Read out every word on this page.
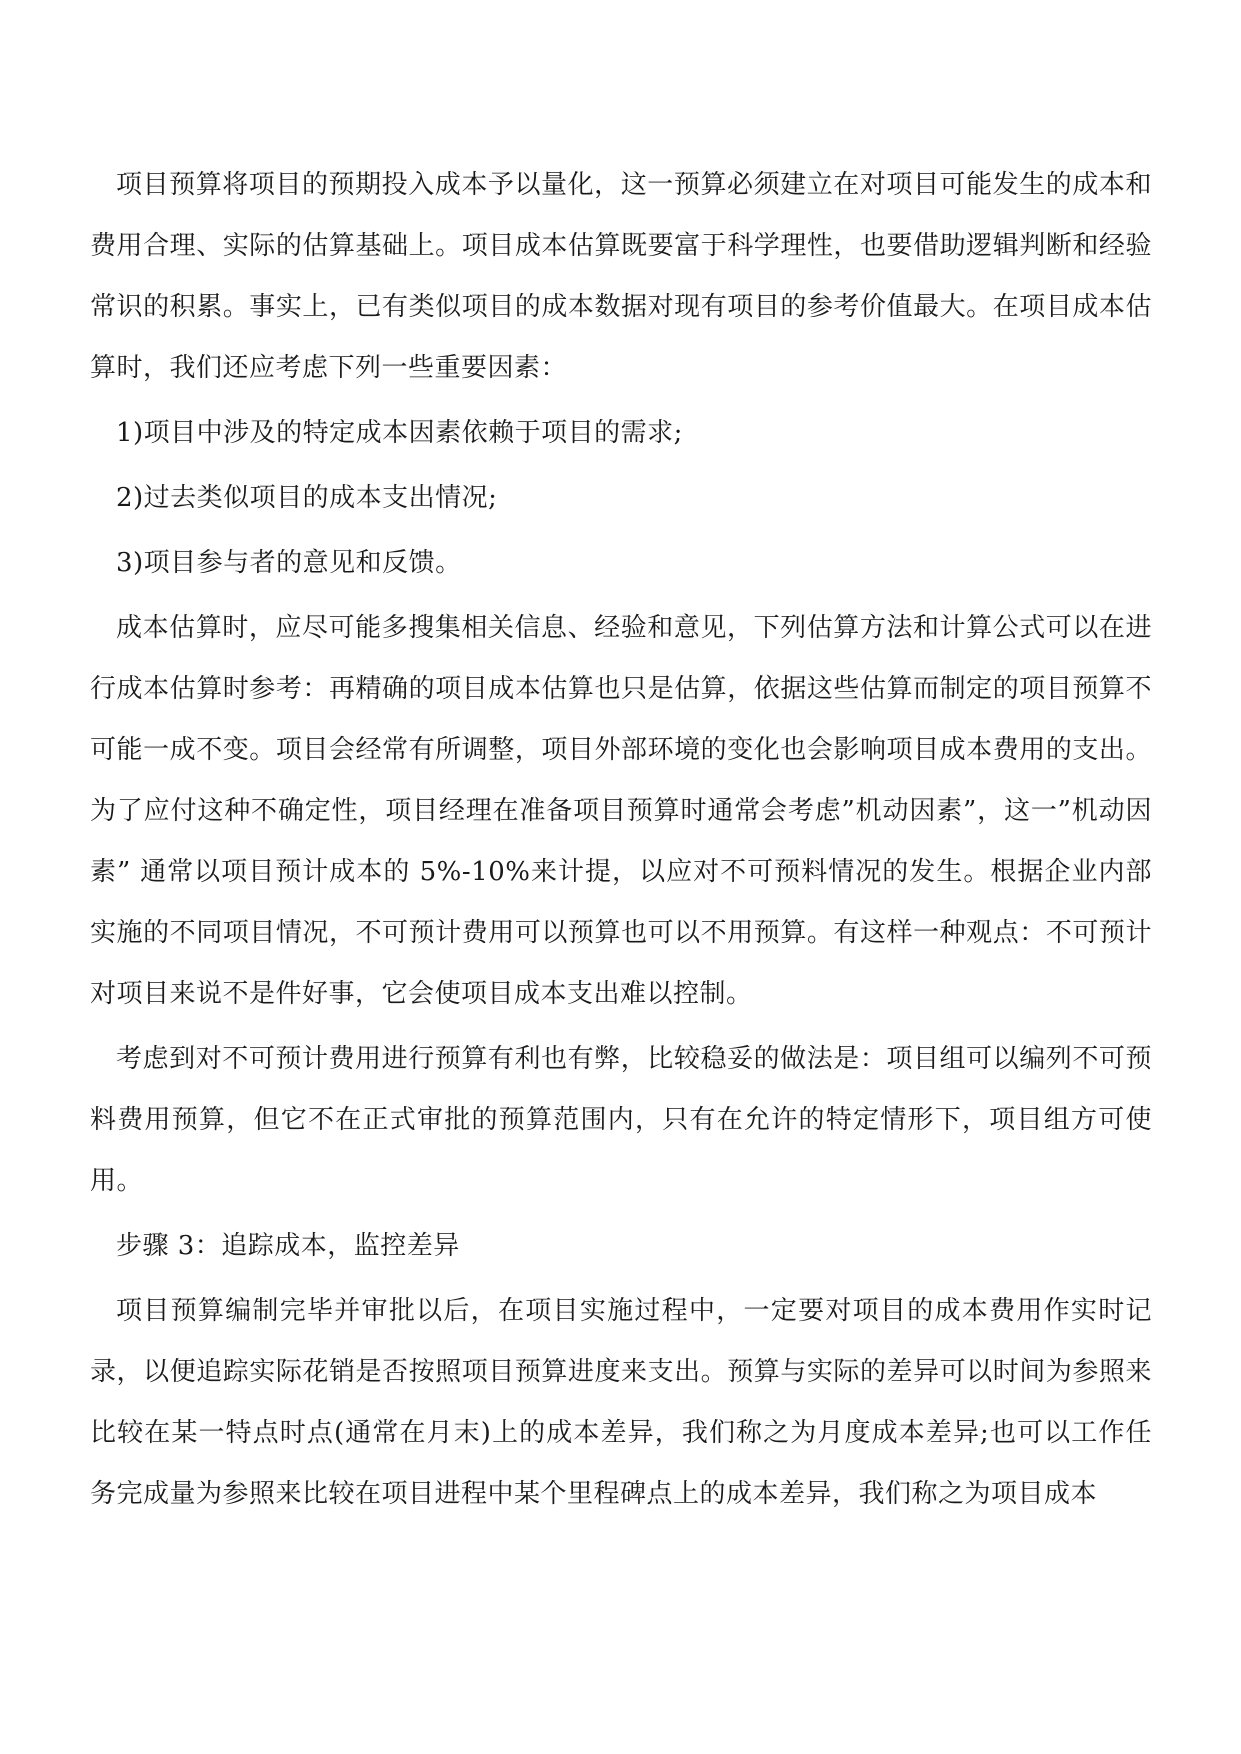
项目预算将项目的预期投入成本予以量化，这一预算必须建立在对项目可能发生的成本和费用合理、实际的估算基础上。项目成本估算既要富于科学理性，也要借助逻辑判断和经验常识的积累。事实上，已有类似项目的成本数据对现有项目的参考价值最大。在项目成本估算时，我们还应考虑下列一些重要因素：

1)项目中涉及的特定成本因素依赖于项目的需求;

2)过去类似项目的成本支出情况;

3)项目参与者的意见和反馈。

成本估算时，应尽可能多搜集相关信息、经验和意见，下列估算方法和计算公式可以在进行成本估算时参考：再精确的项目成本估算也只是估算，依据这些估算而制定的项目预算不可能一成不变。项目会经常有所调整，项目外部环境的变化也会影响项目成本费用的支出。为了应付这种不确定性，项目经理在准备项目预算时通常会考虑”机动因素”，这一”机动因素” 通常以项目预计成本的 5%-10%来计提，以应对不可预料情况的发生。根据企业内部实施的不同项目情况，不可预计费用可以预算也可以不用预算。有这样一种观点：不可预计对项目来说不是件好事，它会使项目成本支出难以控制。

考虑到对不可预计费用进行预算有利也有弊，比较稳妥的做法是：项目组可以编列不可预料费用预算，但它不在正式审批的预算范围内，只有在允许的特定情形下，项目组方可使用。

步骤 3：追踪成本，监控差异

项目预算编制完毕并审批以后，在项目实施过程中，一定要对项目的成本费用作实时记录，以便追踪实际花销是否按照项目预算进度来支出。预算与实际的差异可以时间为参照来比较在某一特点时点(通常在月末)上的成本差异，我们称之为月度成本差异;也可以工作任务完成量为参照来比较在项目进程中某个里程碑点上的成本差异，我们称之为项目成本
